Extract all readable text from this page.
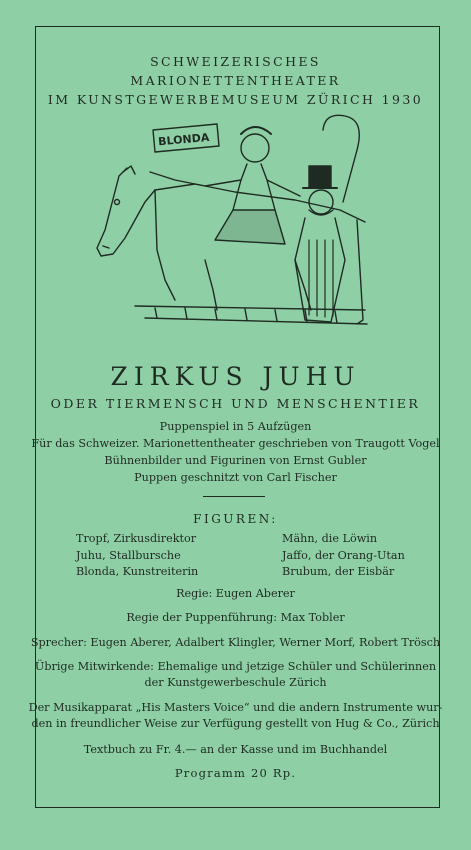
SCHWEIZERISCHES
MARIONETTENTHEATER
IM KUNSTGEWERBEMUSEUM ZÜRICH 1930
BLONDA
ZIRKUS JUHU
ODER TIERMENSCH UND MENSCHENTIER
Puppenspiel in 5 Aufzügen
Für das Schweizer. Marionettentheater geschrieben von Traugott Vogel
Bühnenbilder und Figurinen von Ernst Gubler
Puppen geschnitzt von Carl Fischer
FIGUREN:
Tropf, Zirkusdirektor
Juhu, Stallbursche
Blonda, Kunstreiterin
Mähn, die Löwin
Jaffo, der Orang-Utan
Brubum, der Eisbär
Regie: Eugen Aberer
Regie der Puppenführung: Max Tobler
Sprecher: Eugen Aberer, Adalbert Klingler, Werner Morf, Robert Trösch
Übrige Mitwirkende: Ehemalige und jetzige Schüler und Schülerinnen
der Kunstgewerbeschule Zürich
Der Musikapparat „His Masters Voice“ und die andern Instrumente wur-
den in freundlicher Weise zur Verfügung gestellt von Hug & Co., Zürich
Textbuch zu Fr. 4.— an der Kasse und im Buchhandel
Programm 20 Rp.
